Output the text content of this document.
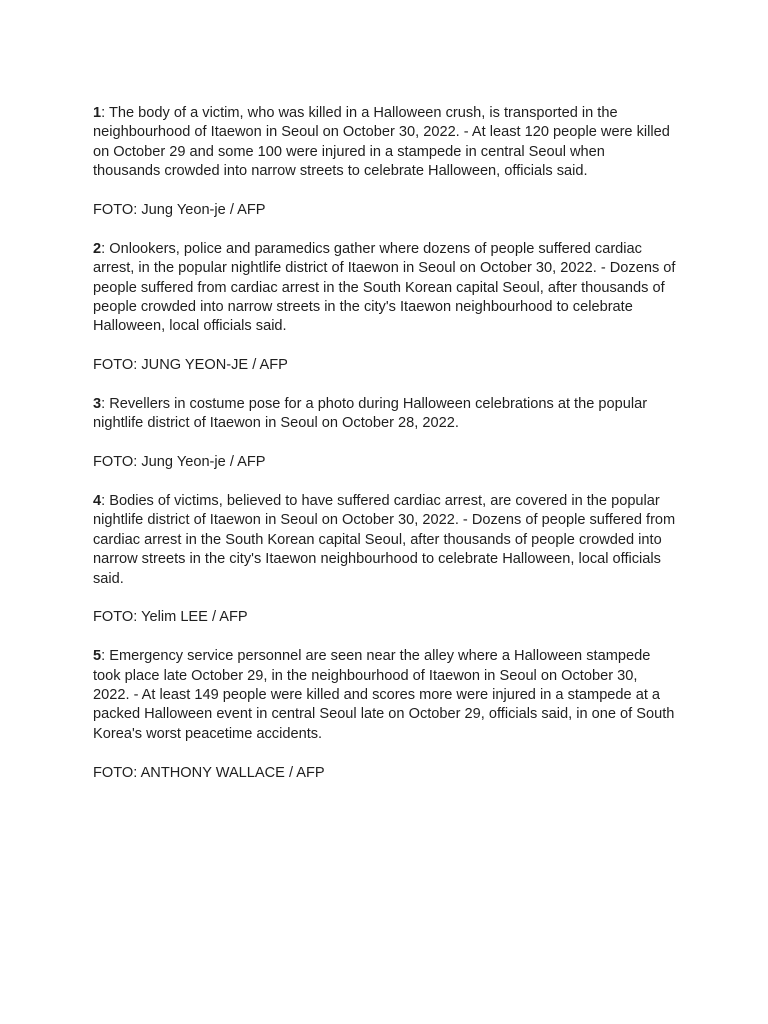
1: The body of a victim, who was killed in a Halloween crush, is transported in the neighbourhood of Itaewon in Seoul on October 30, 2022. - At least 120 people were killed on October 29 and some 100 were injured in a stampede in central Seoul when thousands crowded into narrow streets to celebrate Halloween, officials said.

FOTO: Jung Yeon-je / AFP

2: Onlookers, police and paramedics gather where dozens of people suffered cardiac arrest, in the popular nightlife district of Itaewon in Seoul on October 30, 2022. - Dozens of people suffered from cardiac arrest in the South Korean capital Seoul, after thousands of people crowded into narrow streets in the city's Itaewon neighbourhood to celebrate Halloween, local officials said.

FOTO: JUNG YEON-JE / AFP

3: Revellers in costume pose for a photo during Halloween celebrations at the popular nightlife district of Itaewon in Seoul on October 28, 2022.

FOTO: Jung Yeon-je / AFP

4: Bodies of victims, believed to have suffered cardiac arrest, are covered in the popular nightlife district of Itaewon in Seoul on October 30, 2022. - Dozens of people suffered from cardiac arrest in the South Korean capital Seoul, after thousands of people crowded into narrow streets in the city's Itaewon neighbourhood to celebrate Halloween, local officials said.

FOTO: Yelim LEE / AFP

5: Emergency service personnel are seen near the alley where a Halloween stampede took place late October 29, in the neighbourhood of Itaewon in Seoul on October 30, 2022. - At least 149 people were killed and scores more were injured in a stampede at a packed Halloween event in central Seoul late on October 29, officials said, in one of South Korea's worst peacetime accidents.

FOTO: ANTHONY WALLACE / AFP
